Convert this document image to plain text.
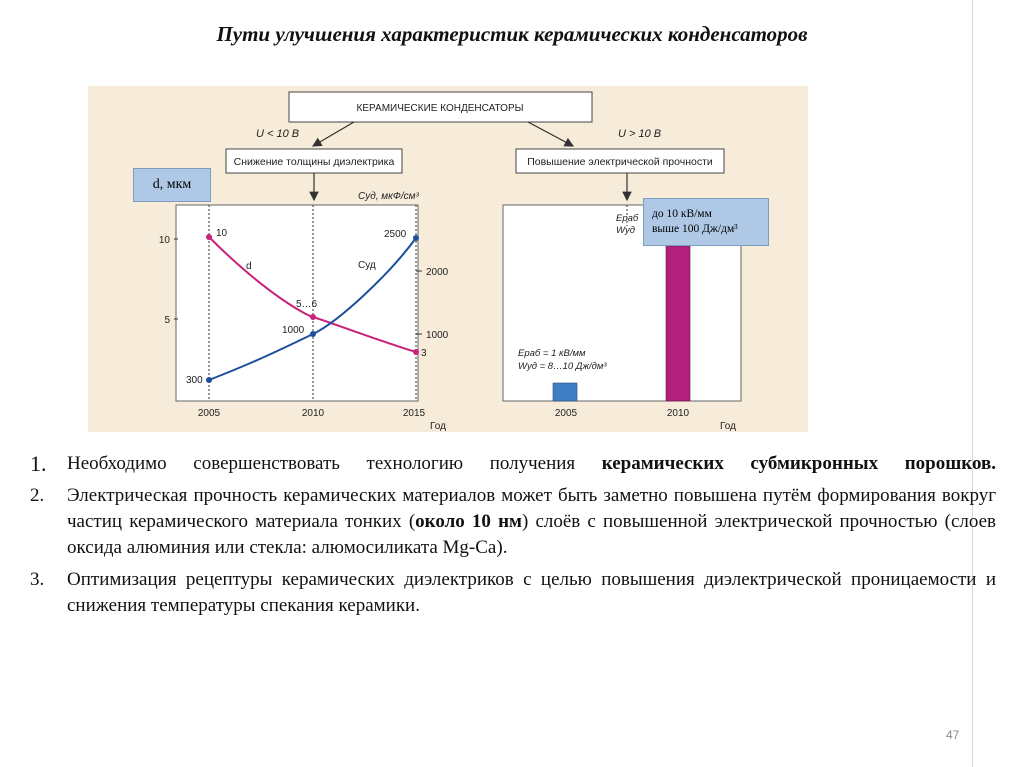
Пути улучшения характеристик керамических конденсаторов
КЕРАМИЧЕСКИЕ КОНДЕНСАТОРЫ
U < 10 В	U > 10 В
Снижение толщины диэлектрика	Повышение электрической прочности
Cуд, мкФ/см³
10
5
2000
1000
2005	2010	2015
Год
10
d	Cуд
5…6
3
300
1000
2500
Eраб
Wуд
Eраб = 1 кВ/мм
Wуд = 8…10 Дж/дм³
2005	2010
Год
d, мкм
до 10 кВ/мм
выше 100 Дж/дм³
1. Необходимо совершенствовать технологию получения керамических субмикронных порошков.
2. Электрическая прочность керамических материалов может быть заметно повышена путём формирования вокруг частиц керамического материала тонких (около 10 нм) слоёв с повышенной электрической прочностью (слоев оксида алюминия или стекла: алюмосиликата Mg-Ca).
3. Оптимизация рецептуры керамических диэлектриков с целью повышения диэлектрической проницаемости и снижения температуры спекания керамики.
47
